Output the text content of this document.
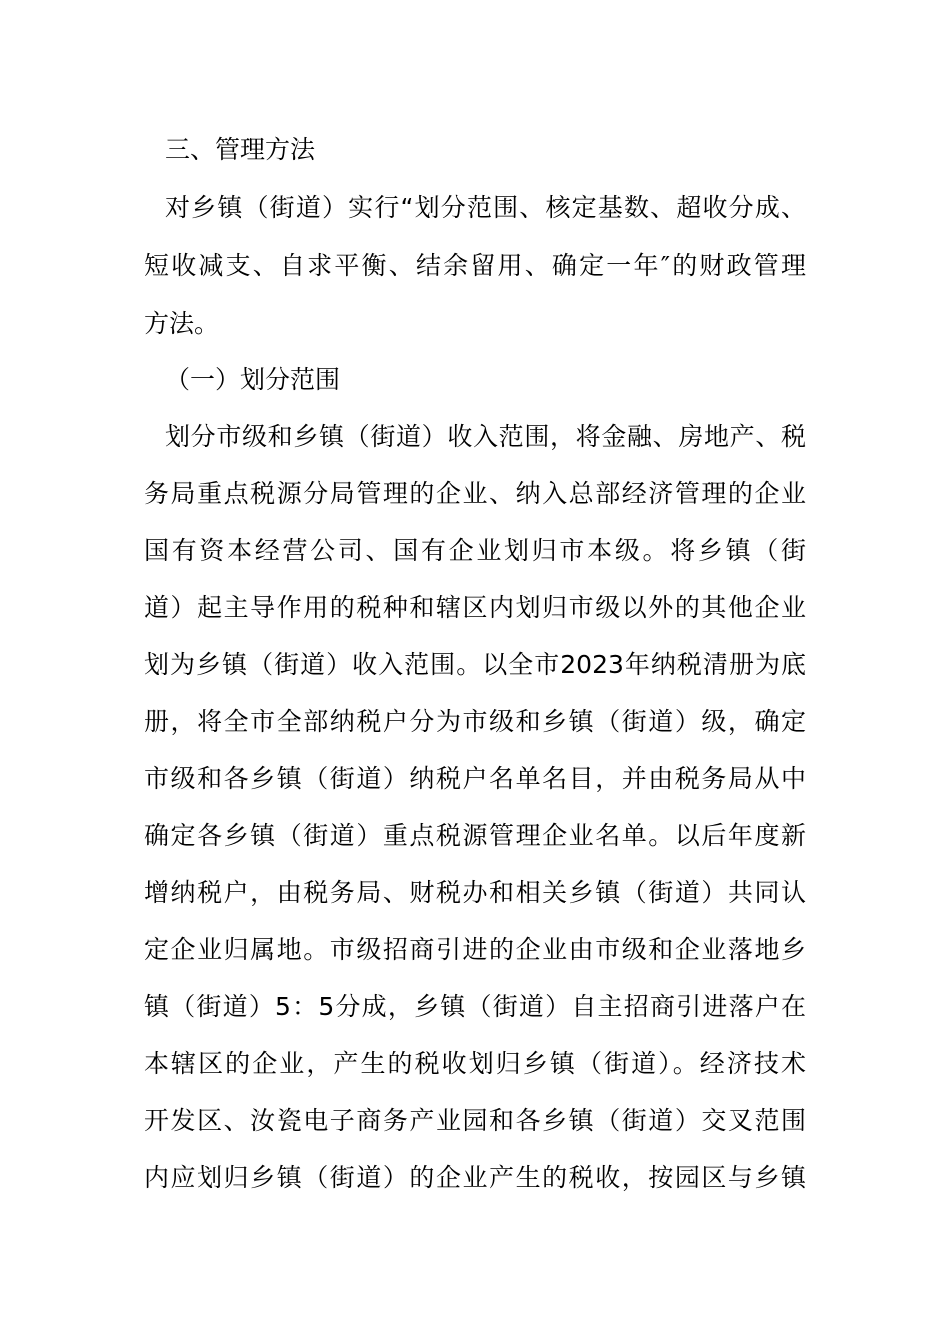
三、管理方法
对乡镇（街道）实行“划分范围、核定基数、超收分成、
短收减支、自求平衡、结余留用、确定一年″的财政管理
方法。
（一）划分范围
划分市级和乡镇（街道）收入范围，将金融、房地产、税
务局重点税源分局管理的企业、纳入总部经济管理的企业
国有资本经营公司、国有企业划归市本级。将乡镇（街
道）起主导作用的税种和辖区内划归市级以外的其他企业
划为乡镇（街道）收入范围。以全市2023年纳税清册为底
册，将全市全部纳税户分为市级和乡镇（街道）级，确定
市级和各乡镇（街道）纳税户名单名目，并由税务局从中
确定各乡镇（街道）重点税源管理企业名单。以后年度新
增纳税户，由税务局、财税办和相关乡镇（街道）共同认
定企业归属地。市级招商引进的企业由市级和企业落地乡
镇（街道）5：5分成，乡镇（街道）自主招商引进落户在
本辖区的企业，产生的税收划归乡镇（街道）。经济技术
开发区、汝瓷电子商务产业园和各乡镇（街道）交叉范围
内应划归乡镇（街道）的企业产生的税收，按园区与乡镇
